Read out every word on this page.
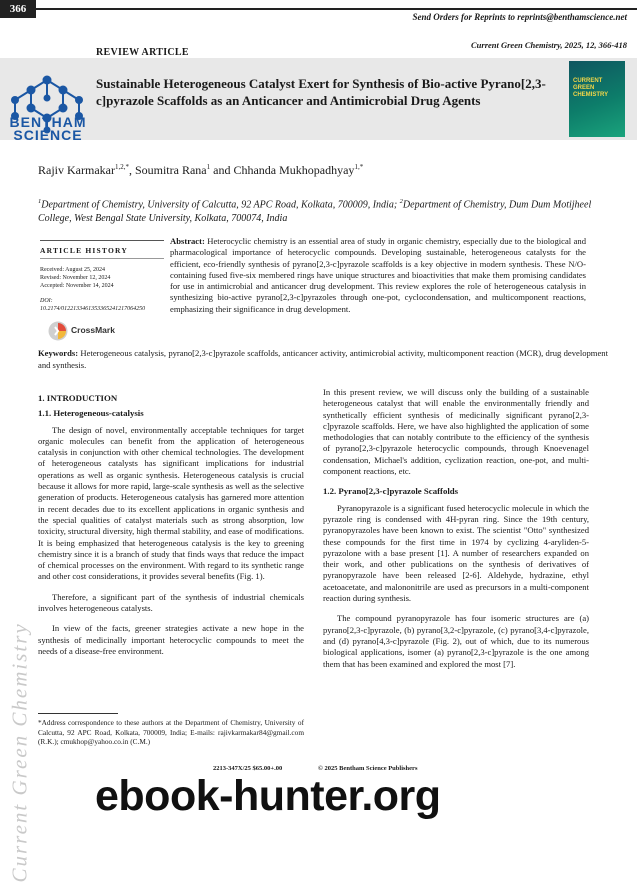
366
Send Orders for Reprints to reprints@benthamscience.net
Current Green Chemistry, 2025, 12, 366-418
REVIEW ARTICLE
BENTHAM
SCIENCE
Sustainable Heterogeneous Catalyst Exert for Synthesis of Bio-active Pyrano[2,3-c]pyrazole Scaffolds as an Anticancer and Antimicrobial Drug Agents
CURRENT
GREEN CHEMISTRY
Rajiv Karmakar$^{1,2,*}$, Soumitra Rana$^1$ and Chhanda Mukhopadhyay$^{1,*}$
$^1$Department of Chemistry, University of Calcutta, 92 APC Road, Kolkata, 700009, India; $^2$Department of Chemistry, Dum Dum Motijheel College, West Bengal State University, Kolkata, 700074, India
ARTICLE HISTORY
Received: August 25, 2024
Revised: November 12, 2024
Accepted: November 14, 2024
DOI:
10.2174/0122133461353365241217064250
CrossMark
Abstract: Heterocyclic chemistry is an essential area of study in organic chemistry, especially due to the biological and pharmacological importance of heterocyclic compounds. Developing sustainable, heterogeneous catalysts for the efficient, eco-friendly synthesis of pyrano[2,3-c]pyrazole scaffolds is a key objective in modern synthesis. These N/O-containing fused five-six membered rings have unique structures and bioactivities that make them promising candidates for use in antimicrobial and anticancer drug development. This review explores the role of heterogeneous catalysis in synthesizing bio-active pyrano[2,3-c]pyrazoles through one-pot, cyclocondensation, and multicomponent reactions, emphasizing their significance in drug development.
Keywords: Heterogeneous catalysis, pyrano[2,3-c]pyrazole scaffolds, anticancer activity, antimicrobial activity, multicomponent reaction (MCR), drug development and synthesis.
1. INTRODUCTION
1.1. Heterogeneous-catalysis

The design of novel, environmentally acceptable techniques for target organic molecules can benefit from the application of heterogeneous catalysis in conjunction with other chemical technologies. The development of heterogeneous catalysts has significant implications for industrial operations as well as organic synthesis. Heterogeneous catalysis is crucial because it allows for more rapid, large-scale synthesis as well as the selective generation of products. Heterogeneous catalysis has garnered more attention in recent decades due to its excellent applications in organic synthesis and the special qualities of catalyst materials such as strong absorption, low toxicity, structural diversity, high thermal stability, and ease of modifications. It is being emphasized that heterogeneous catalysis is the key to greening chemistry since it is a branch of study that finds ways that reduce the impact of chemical processes on the environment. With regard to its synthetic range and other cost considerations, it provides several benefits (Fig. 1).

Therefore, a significant part of the synthesis of industrial chemicals involves heterogeneous catalysts.

In view of the facts, greener strategies activate a new hope in the synthesis of medicinally important heterocyclic compounds to meet the needs of a disease-free environment.

In this present review, we will discuss only the building of a sustainable heterogeneous catalyst that will enable the environmentally friendly and synthetically efficient synthesis of medicinally significant pyrano[2,3-c]pyrazole scaffolds. Here, we have also highlighted the application of some methodologies that can notably contribute to the efficiency of the synthesis of pyrano[2,3-c]pyrazole heterocyclic compounds, through Knoevenagel condensation, Michael's addition, cyclization reaction, one-pot, and multi-component reactions, etc.

1.2. Pyrano[2,3-c]pyrazole Scaffolds

Pyranopyrazole is a significant fused heterocyclic molecule in which the pyrazole ring is condensed with 4H-pyran ring. Since the 19th century, pyranopyrazoles have been known to exist. The scientist "Otto" synthesized these compounds for the first time in 1974 by cyclizing 4-aryliden-5-pyrazolone with a base present [1]. A number of researchers expanded on their work, and other publications on the synthesis of derivatives of pyranopyrazole have been released [2-6]. Aldehyde, hydrazine, ethyl acetoacetate, and malononitrile are used as precursors in a multi-component reaction during synthesis.

The compound pyranopyrazole has four isomeric structures are (a) pyrano[2,3-c]pyrazole, (b) pyrano[3,2-c]pyrazole, (c) pyrano[3,4-c]pyrazole, and (d) pyrano[4,3-c]pyrazole (Fig. 2), out of which, due to its numerous biological applications, isomer (a) pyrano[2,3-c]pyrazole is the one among them that has been examined and explored the most [7].

*Address correspondence to these authors at the Department of Chemistry, University of Calcutta, 92 APC Road, Kolkata, 700009, India; E-mails: rajivkarmakar84@gmail.com (R.K.); cmukhop@yahoo.co.in (C.M.)
2213-347X/25 $65.00+.00	© 2025 Bentham Science Publishers
Current Green Chemistry ebook-hunter.org
